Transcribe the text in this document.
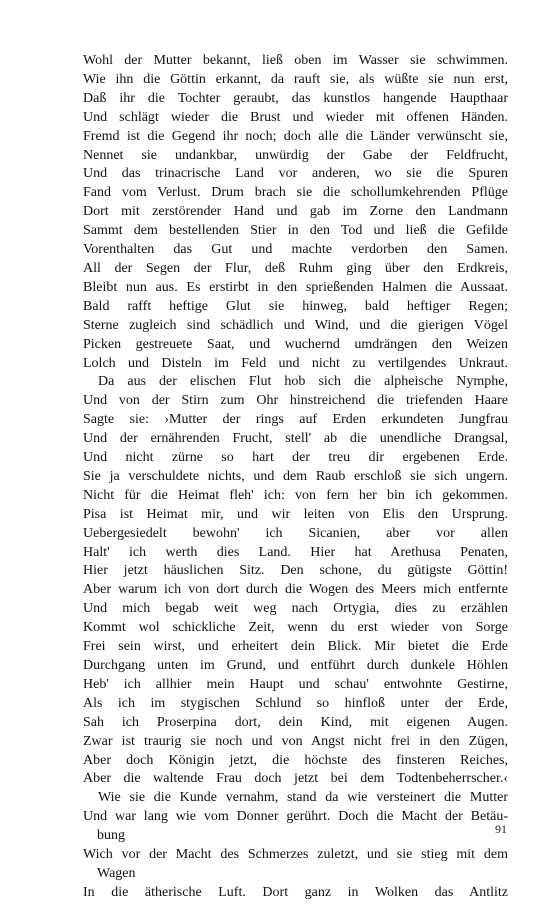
Wohl der Mutter bekannt, ließ oben im Wasser sie schwimmen.
Wie ihn die Göttin erkannt, da rauft sie, als wüßte sie nun erst,
Daß ihr die Tochter geraubt, das kunstlos hangende Haupthaar
Und schlägt wieder die Brust und wieder mit offenen Händen.
Fremd ist die Gegend ihr noch; doch alle die Länder verwünscht sie,
Nennet sie undankbar, unwürdig der Gabe der Feldfrucht,
Und das trinacrische Land vor anderen, wo sie die Spuren
Fand vom Verlust. Drum brach sie die schollumkehrenden Pflüge
Dort mit zerstörender Hand und gab im Zorne den Landmann
Sammt dem bestellenden Stier in den Tod und ließ die Gefilde
Vorenthalten das Gut und machte verdorben den Samen.
All der Segen der Flur, deß Ruhm ging über den Erdkreis,
Bleibt nun aus. Es erstirbt in den sprießenden Halmen die Aussaat.
Bald rafft heftige Glut sie hinweg, bald heftiger Regen;
Sterne zugleich sind schädlich und Wind, und die gierigen Vögel
Picken gestreuete Saat, und wuchernd umdrängen den Weizen
Lolch und Disteln im Feld und nicht zu vertilgendes Unkraut.
Da aus der elischen Flut hob sich die alpheische Nymphe,
Und von der Stirn zum Ohr hinstreichend die triefenden Haare
Sagte sie: ›Mutter der rings auf Erden erkundeten Jungfrau
Und der ernährenden Frucht, stell' ab die unendliche Drangsal,
Und nicht zürne so hart der treu dir ergebenen Erde.
Sie ja verschuldete nichts, und dem Raub erschloß sie sich ungern.
Nicht für die Heimat fleh' ich: von fern her bin ich gekommen.
Pisa ist Heimat mir, und wir leiten von Elis den Ursprung.
Uebergesiedelt bewohn' ich Sicanien, aber vor allen
Halt' ich werth dies Land. Hier hat Arethusa Penaten,
Hier jetzt häuslichen Sitz. Den schone, du gütigste Göttin!
Aber warum ich von dort durch die Wogen des Meers mich entfernte
Und mich begab weit weg nach Ortygia, dies zu erzählen
Kommt wol schickliche Zeit, wenn du erst wieder von Sorge
Frei sein wirst, und erheitert dein Blick. Mir bietet die Erde
Durchgang unten im Grund, und entführt durch dunkele Höhlen
Heb' ich allhier mein Haupt und schau' entwohnte Gestirne,
Als ich im stygischen Schlund so hinfloß unter der Erde,
Sah ich Proserpina dort, dein Kind, mit eigenen Augen.
Zwar ist traurig sie noch und von Angst nicht frei in den Zügen,
Aber doch Königin jetzt, die höchste des finsteren Reiches,
Aber die waltende Frau doch jetzt bei dem Todtenbeherrscher.‹
Wie sie die Kunde vernahm, stand da wie versteinert die Mutter
Und war lang wie vom Donner gerührt. Doch die Macht der Betäu-
bung
Wich vor der Macht des Schmerzes zuletzt, und sie stieg mit dem
Wagen
In die ätherische Luft. Dort ganz in Wolken das Antlitz
91
